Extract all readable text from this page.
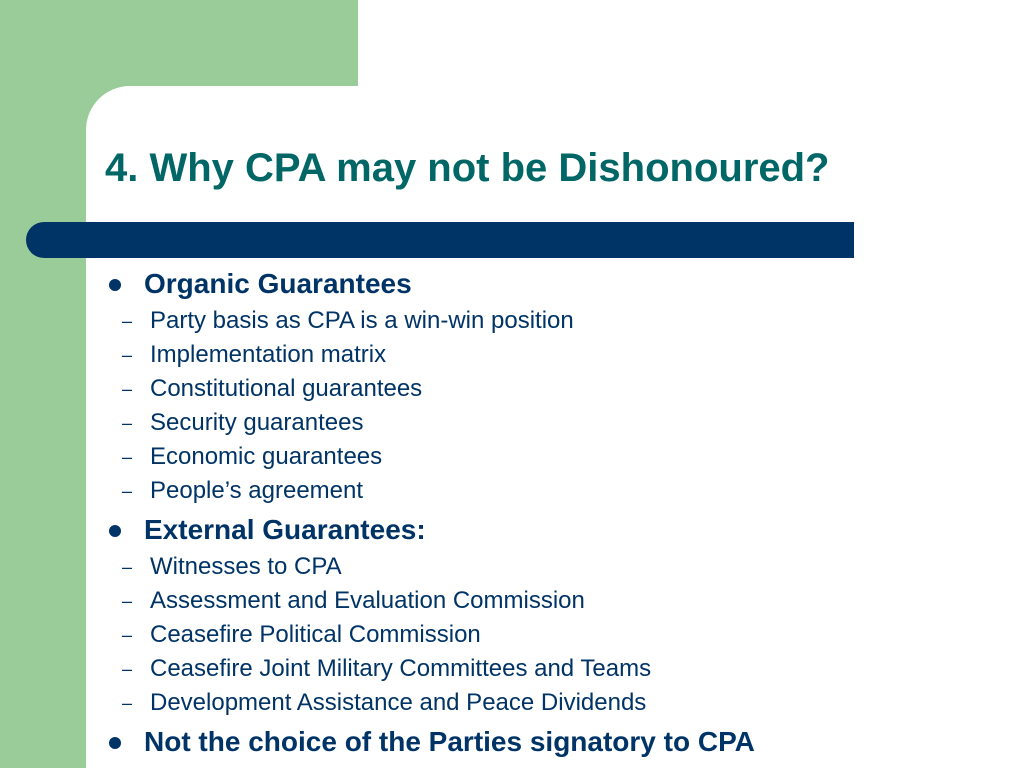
4. Why CPA may not be Dishonoured?
Organic Guarantees
– Party basis as CPA is a win-win position
– Implementation matrix
– Constitutional guarantees
– Security guarantees
– Economic guarantees
– People’s agreement
External Guarantees:
– Witnesses to CPA
– Assessment and Evaluation Commission
– Ceasefire Political Commission
– Ceasefire Joint Military Committees and Teams
– Development Assistance and Peace Dividends
Not the choice of the Parties signatory to CPA
